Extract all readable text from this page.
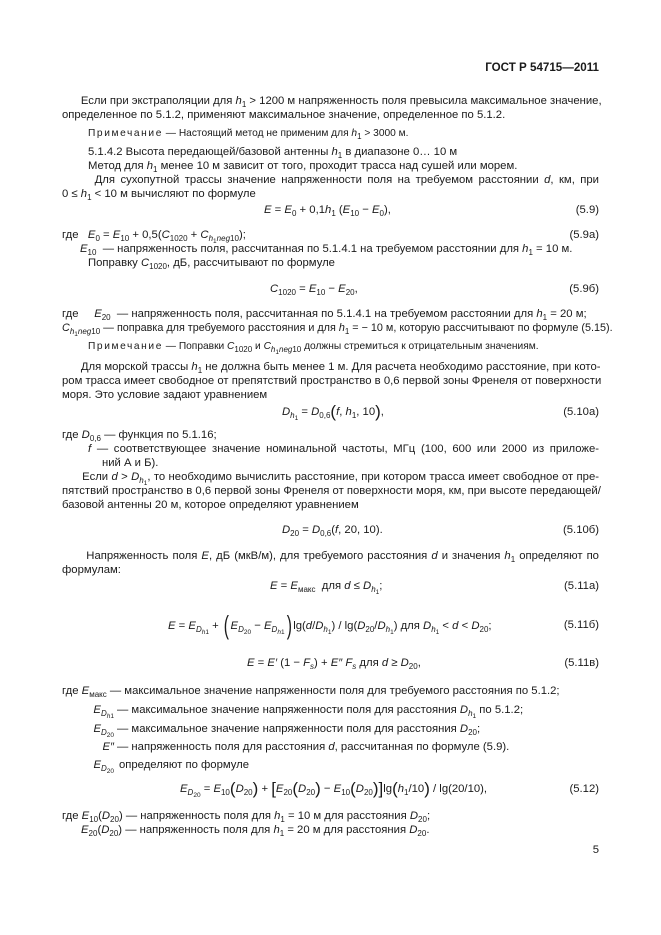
ГОСТ Р 54715—2011
Если при экстраполяции для $h_1 > 1200$ м напряженность поля превысила максимальное значение,
определенное по 5.1.2, применяют максимальное значение, определенное по 5.1.2.
Примечание — Настоящий метод не применим для $h_1 > 3000$ м.
5.1.4.2 Высота передающей/базовой антенны $h_1$ в диапазоне 0… 10 м
Метод для $h_1$ менее 10 м зависит от того, проходит трасса над сушей или морем.
Для сухопутной трассы значение напряженности поля на требуемом расстоянии d, км, при
$0 \le h_1 < 10$ м вычисляют по формуле
$E = E_0 + 0,1h_1$ $(E_{10} - E_0)$,	(5.9)
где   $E_0 = E_{10} + 0,5(C_{1020} + C_{h_1neg10})$;	(5.9а)
$E_{10}$  — напряженность поля, рассчитанная по 5.1.4.1 на требуемом расстоянии для $h_1 = 10$ м.
Поправку $C_{1020}$, дБ, рассчитывают по формуле
$C_{1020} = E_{10} - E_{20}$,	(5.9б)
где     $E_{20}$  — напряженность поля, рассчитанная по 5.1.4.1 на требуемом расстоянии для $h_1 = 20$ м;
$C_{h_1neg10}$ — поправка для требуемого расстояния и для $h_1$ = − 10 м, которую рассчитывают по формуле (5.15).
Примечание — Поправки $C_{1020}$ и $C_{h_1neg10}$ должны стремиться к отрицательным значениям.
Для морской трассы $h_1$ не должна быть менее 1 м. Для расчета необходимо расстояние, при кото-
ром трасса имеет свободное от препятствий пространство в 0,6 первой зоны Френеля от поверхности
моря. Это условие задают уравнением
$D_{h_1} = D_{0,6}(f$, $h_1$, 10),	(5.10а)
где $D_{0,6}$ — функция по 5.1.16;
f — соответствующее значение номинальной частоты, МГц (100, 600 или 2000 из приложе-
ний А и Б).
Если $d > D_{h_1}$, то необходимо вычислить расстояние, при котором трасса имеет свободное от пре-
пятствий пространство в 0,6 первой зоны Френеля от поверхности моря, км, при высоте передающей/
базовой антенны 20 м, которое определяют уравнением
$D_{20} = D_{0,6}(f$, 20, 10).	(5.10б)
Напряженность поля E, дБ (мкВ/м), для требуемого расстояния d и значения $h_1$ определяют по
формулам:
$E = E_{макс}$  для $d \le D_{h_1}$;	(5.11а)
$E = E_{D_{h1}}$ + ( $E_{D_{20}} - E_{D_{h1}}$) $\lg(d/D_{h_1}) / \lg(D_{20}/D_{h_1})$ для $D_{h_1} < d < D_{20}$;	(5.11б)
E = E′ $(1 - F_s) + E''$ $F_s$ для $d \ge D_{20}$,	(5.11в)
где $E_{макс}$ — максимальное значение напряженности поля для требуемого расстояния по 5.1.2;
$E_{D_{h1}}$
— максимальное значение напряженности поля для расстояния $D_{h_1}$ по 5.1.2;
$E_{D_{20}}$
— максимальное значение напряженности поля для расстояния $D_{20}$;
E″ — напряженность поля для расстояния d, рассчитанная по формуле (5.9).
$E_{D_{20}}$
определяют по формуле
$E_{D_{20}} = E_{10}(D_{20}) + [E_{20}(D_{20}) - E_{10}(D_{20})]\lg(h_1/10) / \lg(20/10)$,	(5.12)
где $E_{10}(D_{20})$ — напряженность поля для $h_1 = 10$ м для расстояния $D_{20}$;
$E_{20}(D_{20})$ — напряженность поля для $h_1 = 20$ м для расстояния $D_{20}$.
5
